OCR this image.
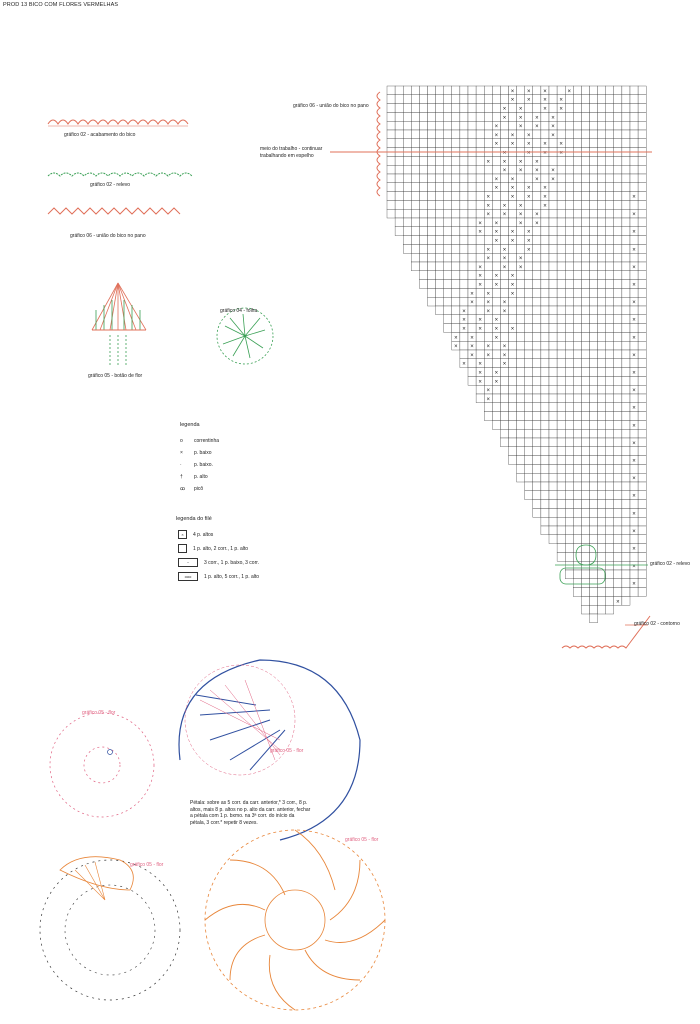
PROD 13 BICO COM FLORES VERMELHAS
× × ×	×
× × × ×
× ×	× ×
× × × ×
×	× × ×
× × ×	×
× × × × ×
×	× × ×
× × × ×
× × × ×
× ×	× ×
× × × ×
×	× × ×	×
× × ×	×
× × × ×	×
× ×	× ×
× × × ×	×
× × ×
× ×	×	×
× × ×
×	× ×	×
× × ×
× × ×	×
× ×	×
× × ×	×
×	× ×
× × ×	×
× × × ×
× ×	×	×
× × × ×
× × ×	×
× ×	×
× ×	×
× ×
×	×
×
×
×
×
×
×
×
×
×
×
×
×
×
gráfico 02 - acabamento do bico
gráfico 02 - relevo
gráfico 06 - união do bico no pano
gráfico 05 - botão de flor
gráfico 04 - folha
gráfico 06 - união do bico no pano
meio do trabalho - continuar
trabalhando em espelho
gráfico 02 - relevo
gráfico 02 - contorno
legenda
o correntinha
× p. baixo
· p. baixo.
† p. alto
ꝏ picô
legenda do filé
× 4 p. altos
1 p. alto, 2 corr., 1 p. alto
~	3 corr., 1 p. baixo, 3 corr.
ooo	1 p. alto, 5 corr., 1 p. alto
gráfico 05 - flor
gráfico 05 - flor
gráfico 05 - flor
gráfico 05 - flor
Pétala: sobre as 5 corr. da carr. anterior,* 3 corr., 8 p.
altos, mais 8 p. altos no p. alto da carr. anterior, fechar
a pétala com 1 p. bxmo. na 3ª corr. do início da
pétala, 3 corr.* repetir 8 vezes.
